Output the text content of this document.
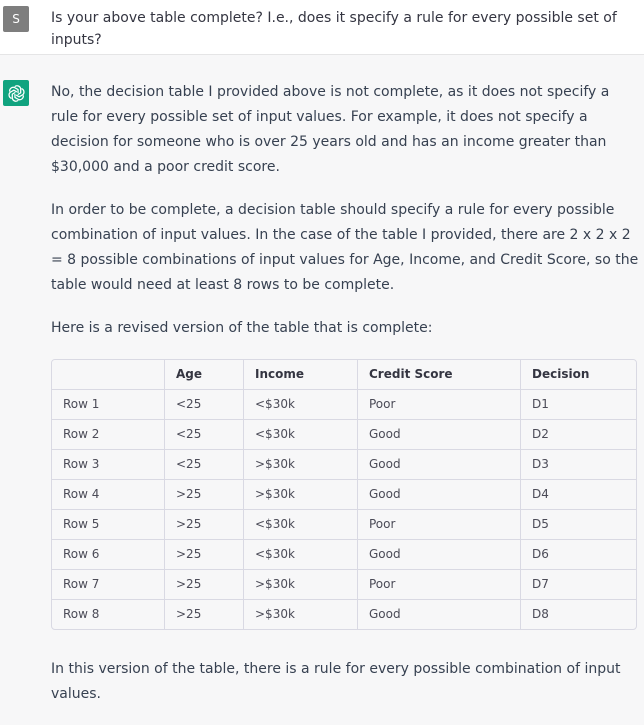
S	Is your above table complete? I.e., does it specify a rule for every possible set of inputs?

No, the decision table I provided above is not complete, as it does not specify a rule for every possible set of input values. For example, it does not specify a decision for someone who is over 25 years old and has an income greater than $30,000 and a poor credit score.

In order to be complete, a decision table should specify a rule for every possible combination of input values. In the case of the table I provided, there are 2 x 2 x 2 = 8 possible combinations of input values for Age, Income, and Credit Score, so the table would need at least 8 rows to be complete.

Here is a revised version of the table that is complete:

	Age	Income	Credit Score	Decision
Row 1	<25	<$30k	Poor	D1
Row 2	<25	<$30k	Good	D2
Row 3	<25	>$30k	Good	D3
Row 4	>25	>$30k	Good	D4
Row 5	>25	<$30k	Poor	D5
Row 6	>25	<$30k	Good	D6
Row 7	>25	>$30k	Poor	D7
Row 8	>25	>$30k	Good	D8

In this version of the table, there is a rule for every possible combination of input values.
